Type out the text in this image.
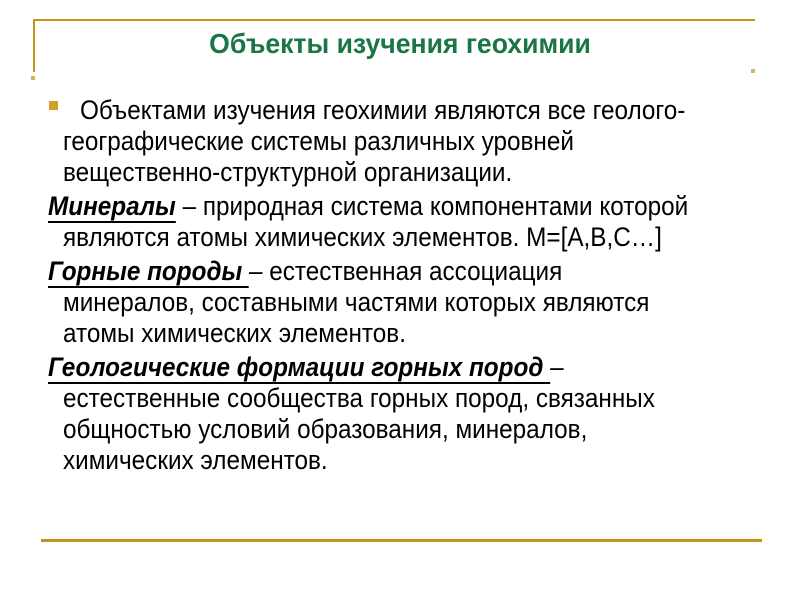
Объекты изучения геохимии
Объектами изучения геохимии являются все геолого-
географические системы различных уровней
вещественно-структурной организации.
Минералы – природная система компонентами которой
являются атомы химических элементов. М=[А,В,С…]
Горные породы – естественная ассоциация
минералов, составными частями которых являются
атомы химических элементов.
Геологические формации горных пород –
естественные сообщества горных пород, связанных
общностью условий образования, минералов,
химических элементов.
